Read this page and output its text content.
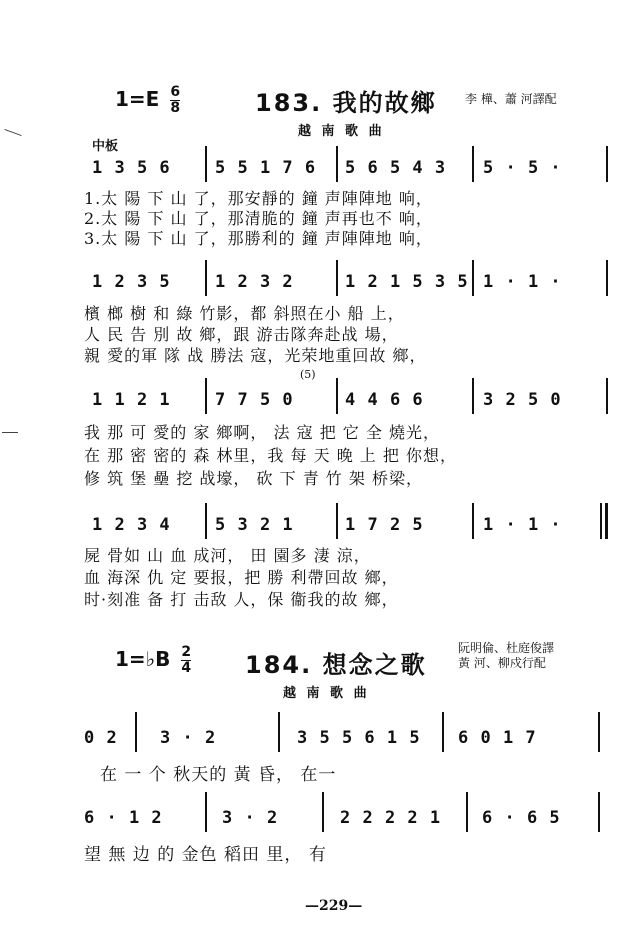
$1=E \frac{6}{8}$	183. 我的故鄉 李 樺、蕭 河譯配
越 南 歌 曲
中板
1 3 5 6	5 5 1 7 6 5 6 5 4 3 5 · 5 ·
1.太 陽 下 山 了，那安靜的 鐘 声陣陣地 响，
2.太 陽 下 山 了，那清脆的 鐘 声再也不 响，
3.太 陽 下 山 了，那勝利的 鐘 声陣陣地 响，
1 2 3 5	1 2 3 2	1 2 1 5 3 5 1 · 1 ·
檳 榔 樹 和 綠 竹影，都 斜照在小 船 上，
人 民 告 別 故 鄉，跟 游击隊奔赴战 場，
親 愛的軍 隊 战 勝法 寇，光荣地重回故 鄉，
(5)
1 1 2 1	7 7 5 0	4 4 6 6	3 2 5 0
我 那 可 愛的 家 鄉啊， 法 寇 把 它 全 燒光，
在 那 密 密的 森 林里，我 每 天 晚 上 把 你想，
修 筑 堡 壘 挖 战壕， 砍 下 青 竹 架 桥梁，
1 2 3 4	5 3 2 1	1 7 2 5	1 · 1 ·
屍 骨如 山 血 成河， 田 園多 淒 涼，
血 海深 仇 定 要报，把 勝 利帶回故 鄉，
时·刻准 备 打 击敌 人，保 衞我的故 鄉，
1=♭B $\frac{2}{4} 184$. 想念之歌
阮明倫、杜庭俊譯
黃 河、柳戍行配
越 南 歌 曲
0 2 3 · 2	3 5 5 6 1 5 6 0 1 7
在 一 个 秋天的 黃 昏， 在一
6 · 1 2	3 · 2	2 2 2 2 1 6 · 6 5
望 無 边 的 金色 稻田 里， 有
—229—
